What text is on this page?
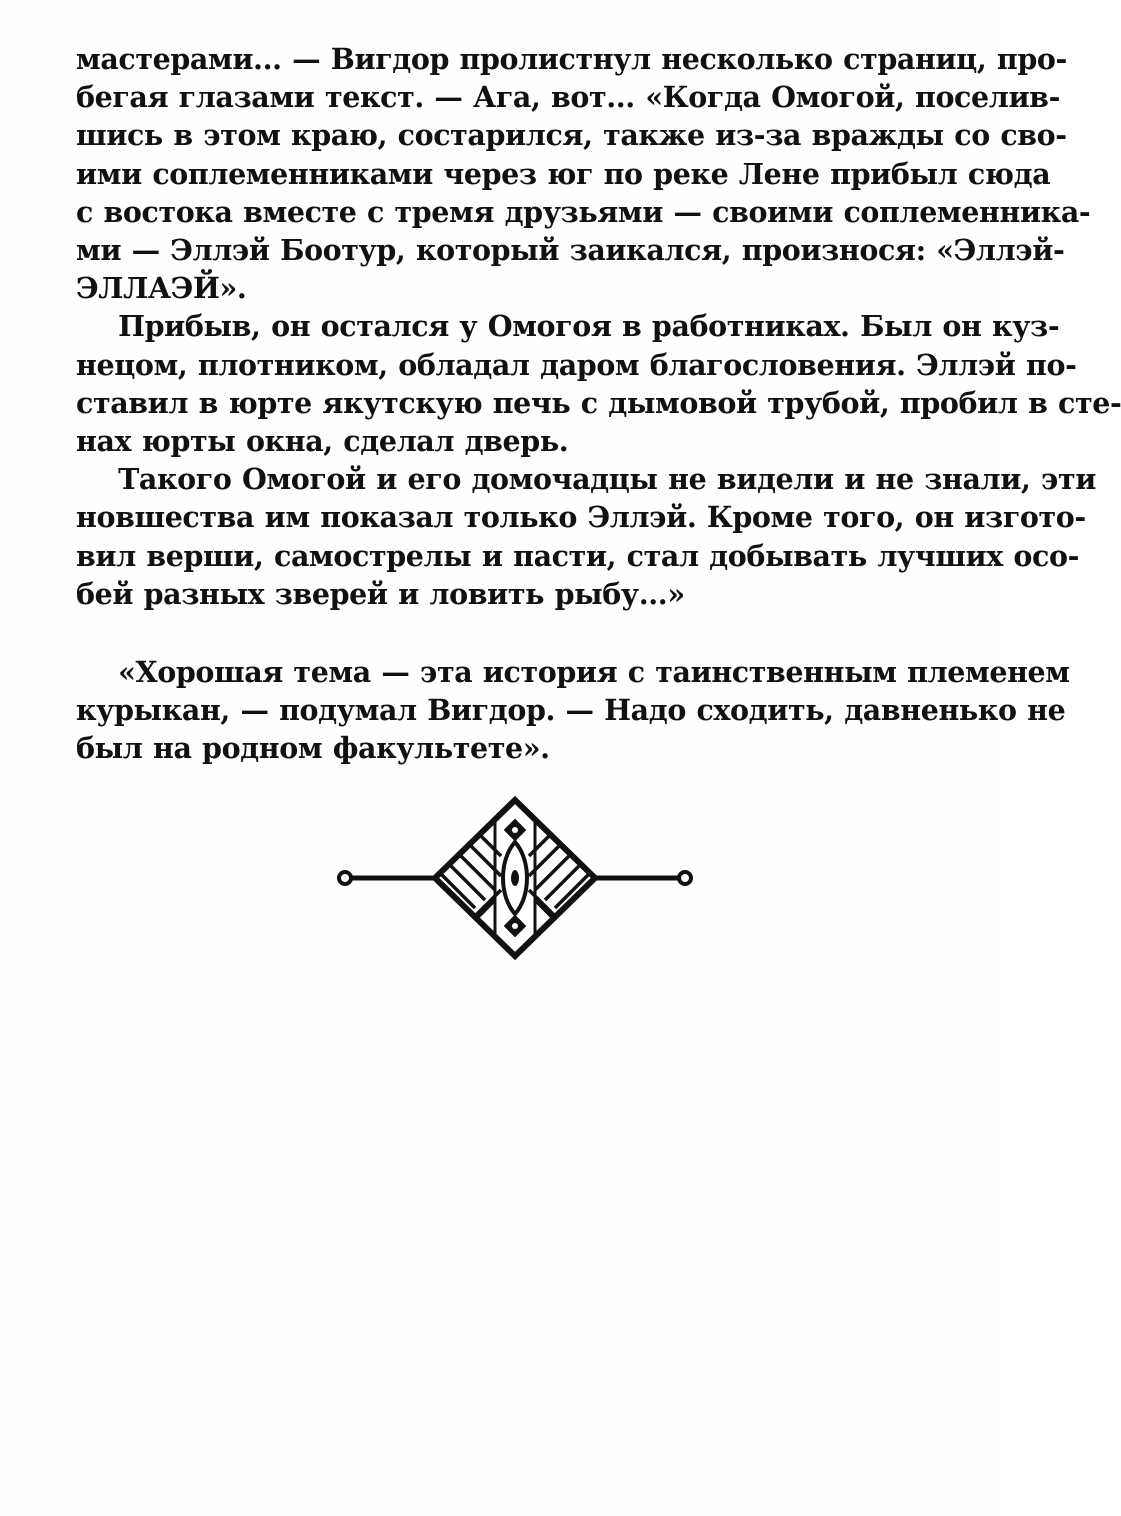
мастерами... — Вигдор пролистнул несколько страниц, про-
бегая глазами текст. — Ага, вот... «Когда Омогой, поселив-
шись в этом краю, состарился, также из-за вражды со сво-
ими соплеменниками через юг по реке Лене прибыл сюда
с востока вместе с тремя друзьями — своими соплеменника-
ми — Эллэй Боотур, который заикался, произнося: «Эллэй-
ЭЛЛАЭЙ».
Прибыв, он остался у Омогоя в работниках. Был он куз-
нецом, плотником, обладал даром благословения. Эллэй по-
ставил в юрте якутскую печь с дымовой трубой, пробил в сте-
нах юрты окна, сделал дверь.
Такого Омогой и его домочадцы не видели и не знали, эти
новшества им показал только Эллэй. Кроме того, он изгото-
вил верши, самострелы и пасти, стал добывать лучших осо-
бей разных зверей и ловить рыбу...»
«Хорошая тема — эта история с таинственным племенем
курыкан, — подумал Вигдор. — Надо сходить, давненько не
был на родном факультете».
